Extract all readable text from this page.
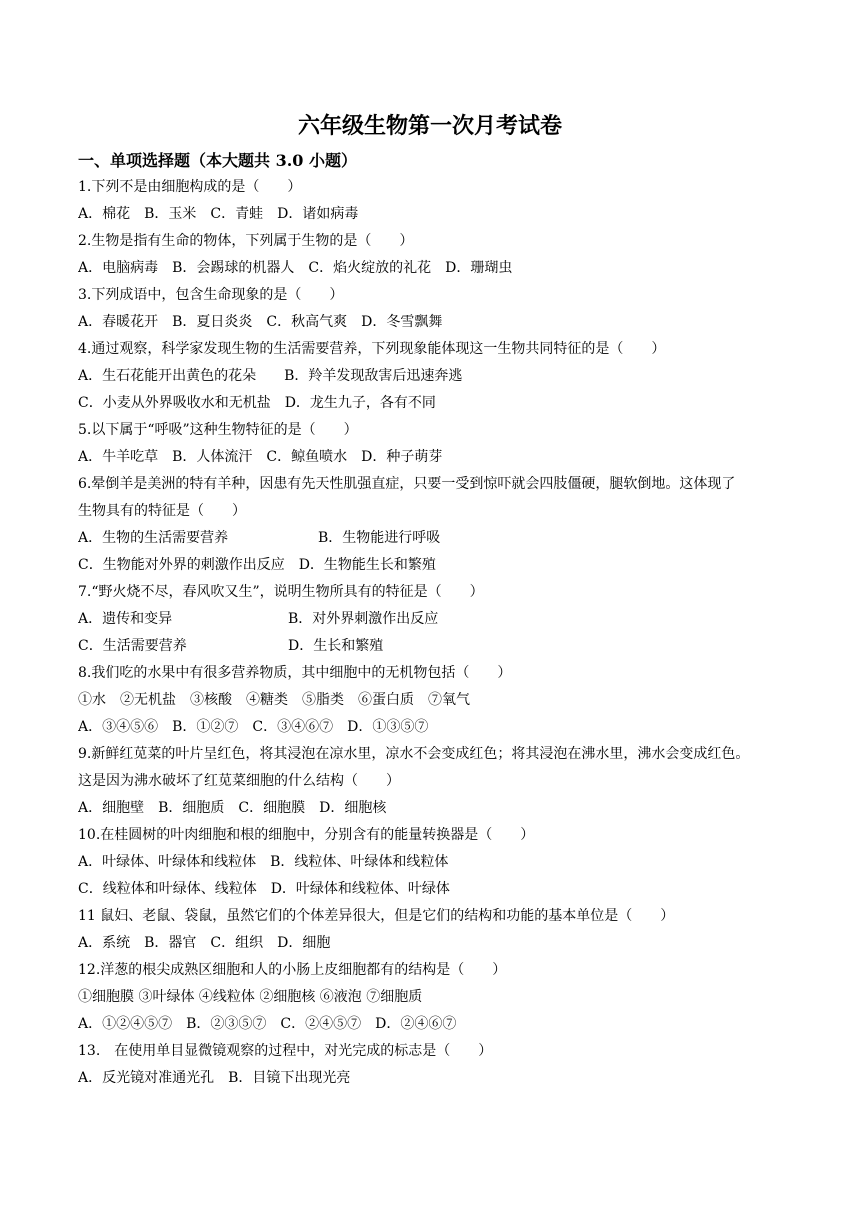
六年级生物第一次月考试卷
一、单项选择题（本大题共 3.0 小题）
1.下列不是由细胞构成的是（　　）
A．棉花　B．玉米　C．青蛙　D．诸如病毒
2.生物是指有生命的物体，下列属于生物的是（　　）
A．电脑病毒　B．会踢球的机器人　C．焰火绽放的礼花　D．珊瑚虫
3.下列成语中，包含生命现象的是（　　）
A．春暖花开　B．夏日炎炎　C．秋高气爽　D．冬雪飘舞
4.通过观察，科学家发现生物的生活需要营养，下列现象能体现这一生物共同特征的是（　　）
A．生石花能开出黄色的花朵　　B．羚羊发现敌害后迅速奔逃
C．小麦从外界吸收水和无机盐　D．龙生九子，各有不同
5.以下属于“呼吸”这种生物特征的是（　　）
A．牛羊吃草　B．人体流汗　C．鲸鱼喷水　D．种子萌芽
6.晕倒羊是美洲的特有羊种，因患有先天性肌强直症，只要一受到惊吓就会四肢僵硬，腿软倒地。这体现了
生物具有的特征是（　　）
A．生物的生活需要营养	B．生物能进行呼吸
C．生物能对外界的刺激作出反应　D．生物能生长和繁殖
7.“野火烧不尽，春风吹又生”，说明生物所具有的特征是（　　）
A．遗传和变异	B．对外界刺激作出反应
C．生活需要营养	D．生长和繁殖
8.我们吃的水果中有很多营养物质，其中细胞中的无机物包括（　　）
①水　②无机盐　③核酸　④糖类　⑤脂类　⑥蛋白质　⑦氧气
A．③④⑤⑥　B．①②⑦　C．③④⑥⑦　D．①③⑤⑦
9.新鲜红苋菜的叶片呈红色，将其浸泡在凉水里，凉水不会变成红色；将其浸泡在沸水里，沸水会变成红色。
这是因为沸水破坏了红苋菜细胞的什么结构（　　）
A．细胞壁　B．细胞质　C．细胞膜　D．细胞核
10.在桂圆树的叶肉细胞和根的细胞中，分别含有的能量转换器是（　　）
A．叶绿体、叶绿体和线粒体　B．线粒体、叶绿体和线粒体
C．线粒体和叶绿体、线粒体　D．叶绿体和线粒体、叶绿体
11 鼠妇、老鼠、袋鼠，虽然它们的个体差异很大，但是它们的结构和功能的基本单位是（　　）
A．系统　B．器官　C．组织　D．细胞
12.洋葱的根尖成熟区细胞和人的小肠上皮细胞都有的结构是（　　）
①细胞膜 ③叶绿体 ④线粒体 ②细胞核 ⑥液泡 ⑦细胞质
A．①②④⑤⑦　B．②③⑤⑦　C．②④⑤⑦　D．②④⑥⑦
13.　在使用单目显微镜观察的过程中，对光完成的标志是（　　）
A．反光镜对准通光孔　B．目镜下出现光亮
